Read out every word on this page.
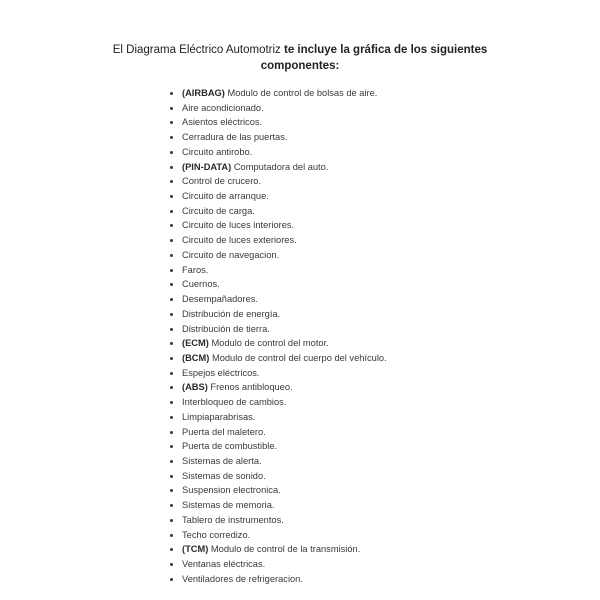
El Diagrama Eléctrico Automotriz te incluye la gráfica de los siguientes componentes:
(AIRBAG) Modulo de control de bolsas de aire.
Aire acondicionado.
Asientos eléctricos.
Cerradura de las puertas.
Circuito antirobo.
(PIN-DATA) Computadora del auto.
Control de crucero.
Circuito de arranque.
Circuito de carga.
Circuito de luces interiores.
Circuito de luces exteriores.
Circuito de navegacion.
Faros.
Cuernos.
Desempañadores.
Distribución de energía.
Distribución de tierra.
(ECM) Modulo de control del motor.
(BCM) Modulo de control del cuerpo del vehículo.
Espejos eléctricos.
(ABS) Frenos antibloqueo.
Interbloqueo de cambios.
Limpiaparabrisas.
Puerta del maletero.
Puerta de combustible.
Sistemas de alerta.
Sistemas de sonido.
Suspension electronica.
Sistemas de memoria.
Tablero de instrumentos.
Techo corredizo.
(TCM) Modulo de control de la transmisión.
Ventanas eléctricas.
Ventiladores de refrigeracion.
